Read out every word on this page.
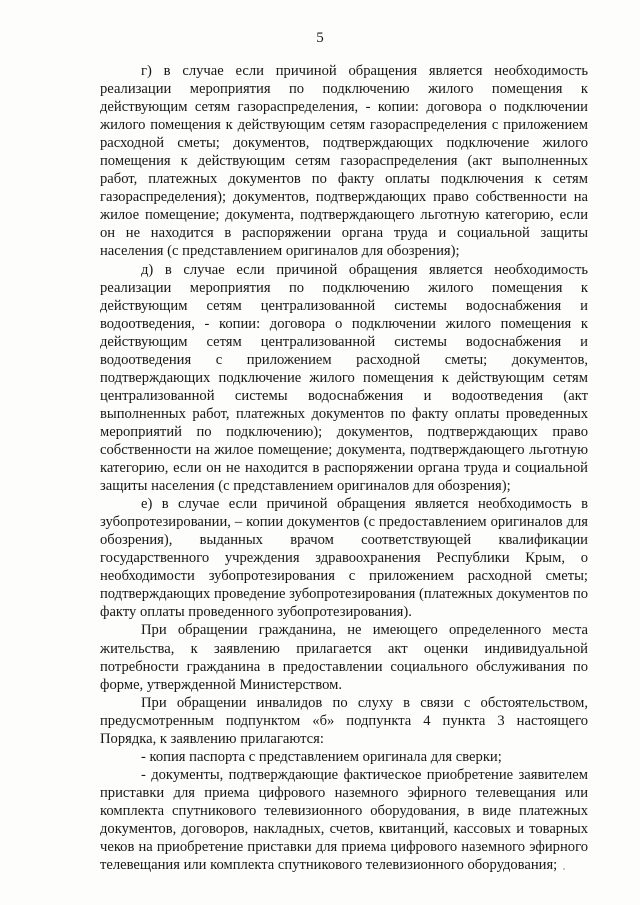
5

г) в случае если причиной обращения является необходимость реализации мероприятия по подключению жилого помещения к действующим сетям газораспределения, - копии: договора о подключении жилого помещения к действующим сетям газораспределения с приложением расходной сметы; документов, подтверждающих подключение жилого помещения к действующим сетям газораспределения (акт выполненных работ, платежных документов по факту оплаты подключения к сетям газораспределения); документов, подтверждающих право собственности на жилое помещение; документа, подтверждающего льготную категорию, если он не находится в распоряжении органа труда и социальной защиты населения (с представлением оригиналов для обозрения);

д) в случае если причиной обращения является необходимость реализации мероприятия по подключению жилого помещения к действующим сетям централизованной системы водоснабжения и водоотведения, - копии: договора о подключении жилого помещения к действующим сетям централизованной системы водоснабжения и водоотведения с приложением расходной сметы; документов, подтверждающих подключение жилого помещения к действующим сетям централизованной системы водоснабжения и водоотведения (акт выполненных работ, платежных документов по факту оплаты проведенных мероприятий по подключению); документов, подтверждающих право собственности на жилое помещение; документа, подтверждающего льготную категорию, если он не находится в распоряжении органа труда и социальной защиты населения (с представлением оригиналов для обозрения);

е) в случае если причиной обращения является необходимость в зубопротезировании, – копии документов (с предоставлением оригиналов для обозрения), выданных врачом соответствующей квалификации государственного учреждения здравоохранения Республики Крым, о необходимости зубопротезирования с приложением расходной сметы; подтверждающих проведение зубопротезирования (платежных документов по факту оплаты проведенного зубопротезирования).

При обращении гражданина, не имеющего определенного места жительства, к заявлению прилагается акт оценки индивидуальной потребности гражданина в предоставлении социального обслуживания по форме, утвержденной Министерством.

При обращении инвалидов по слуху в связи с обстоятельством, предусмотренным подпунктом «б» подпункта 4 пункта 3 настоящего Порядка, к заявлению прилагаются:

- копия паспорта с представлением оригинала для сверки;

- документы, подтверждающие фактическое приобретение заявителем приставки для приема цифрового наземного эфирного телевещания или комплекта спутникового телевизионного оборудования, в виде платежных документов, договоров, накладных, счетов, квитанций, кассовых и товарных чеков на приобретение приставки для приема цифрового наземного эфирного телевещания или комплекта спутникового телевизионного оборудования;
